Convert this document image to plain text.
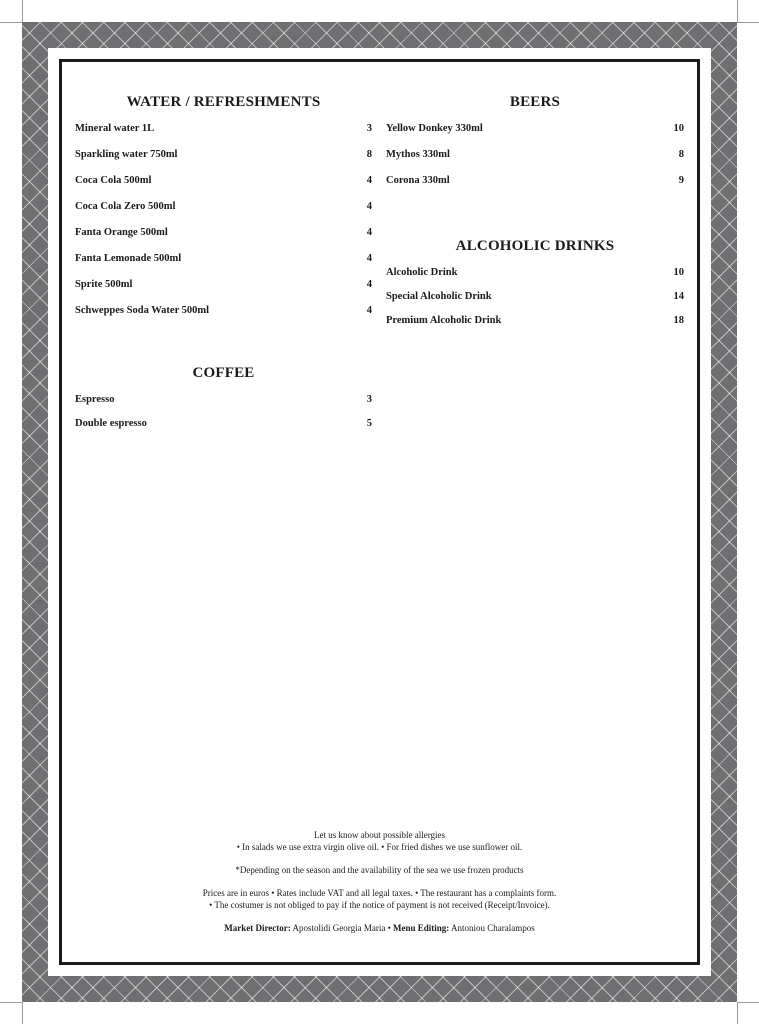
WATER / REFRESHMENTS
Mineral water 1L	3
Sparkling water 750ml	8
Coca Cola 500ml	4
Coca Cola Zero 500ml	4
Fanta Orange 500ml	4
Fanta Lemonade 500ml	4
Sprite 500ml	4
Schweppes Soda Water 500ml	4
COFFEE
Espresso	3
Double espresso	5
BEERS
Yellow Donkey 330ml	10
Mythos 330ml	8
Corona 330ml	9
ALCOHOLIC DRINKS
Alcoholic Drink	10
Special Alcoholic Drink	14
Premium Alcoholic Drink	18

Let us know about possible allergies

• In salads we use extra virgin olive oil. • For fried dishes we use sunflower oil.

*Depending on the season and the availability of the sea we use frozen products

Prices are in euros • Rates include VAT and all legal taxes. • The restaurant has a complaints form.

• The costumer is not obliged to pay if the notice of payment is not received (Receipt/Invoice).

Market Director: Apostolidi Georgia Maria • Menu Editing: Antoniou Charalampos
